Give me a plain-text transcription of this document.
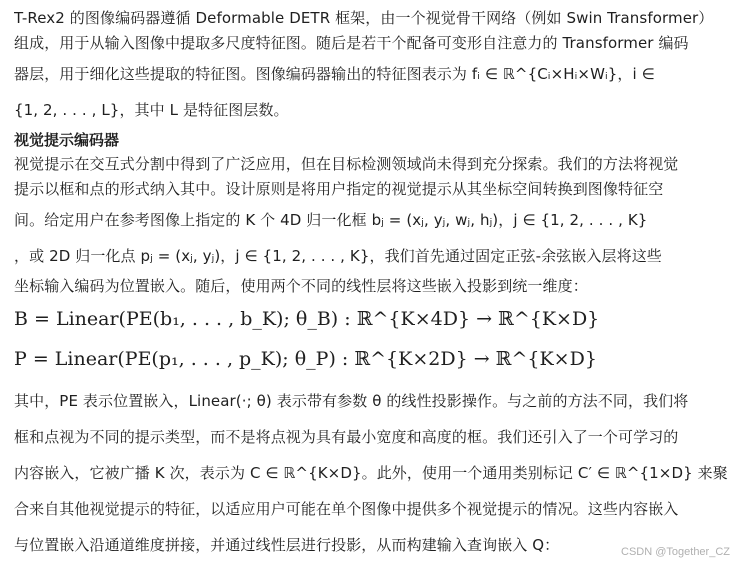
T-Rex2 的图像编码器遵循 Deformable DETR 框架，由一个视觉骨干网络（例如 Swin Transformer）
组成，用于从输入图像中提取多尺度特征图。随后是若干个配备可变形自注意力的 Transformer 编码
器层，用于细化这些提取的特征图。图像编码器输出的特征图表示为 fᵢ ∈ ℝ^{Cᵢ×Hᵢ×Wᵢ}，i ∈
{1, 2, . . . , L}，其中 L 是特征图层数。
视觉提示编码器
视觉提示在交互式分割中得到了广泛应用，但在目标检测领域尚未得到充分探索。我们的方法将视觉
提示以框和点的形式纳入其中。设计原则是将用户指定的视觉提示从其坐标空间转换到图像特征空
间。给定用户在参考图像上指定的 K 个 4D 归一化框 bⱼ = (xⱼ, yⱼ, wⱼ, hⱼ)，j ∈ {1, 2, . . . , K}
，或 2D 归一化点 pⱼ = (xⱼ, yⱼ)，j ∈ {1, 2, . . . , K}，我们首先通过固定正弦-余弦嵌入层将这些
坐标输入编码为位置嵌入。随后，使用两个不同的线性层将这些嵌入投影到统一维度：
B = Linear(PE(b₁, . . . , b_K); θ_B) : ℝ^{K×4D} → ℝ^{K×D}
P = Linear(PE(p₁, . . . , p_K); θ_P) : ℝ^{K×2D} → ℝ^{K×D}
其中，PE 表示位置嵌入，Linear(·; θ) 表示带有参数 θ 的线性投影操作。与之前的方法不同，我们将
框和点视为不同的提示类型，而不是将点视为具有最小宽度和高度的框。我们还引入了一个可学习的
内容嵌入，它被广播 K 次，表示为 C ∈ ℝ^{K×D}。此外，使用一个通用类别标记 C′ ∈ ℝ^{1×D} 来聚
合来自其他视觉提示的特征，以适应用户可能在单个图像中提供多个视觉提示的情况。这些内容嵌入
与位置嵌入沿通道维度拼接，并通过线性层进行投影，从而构建输入查询嵌入 Q：	CSDN @Together_CZ
